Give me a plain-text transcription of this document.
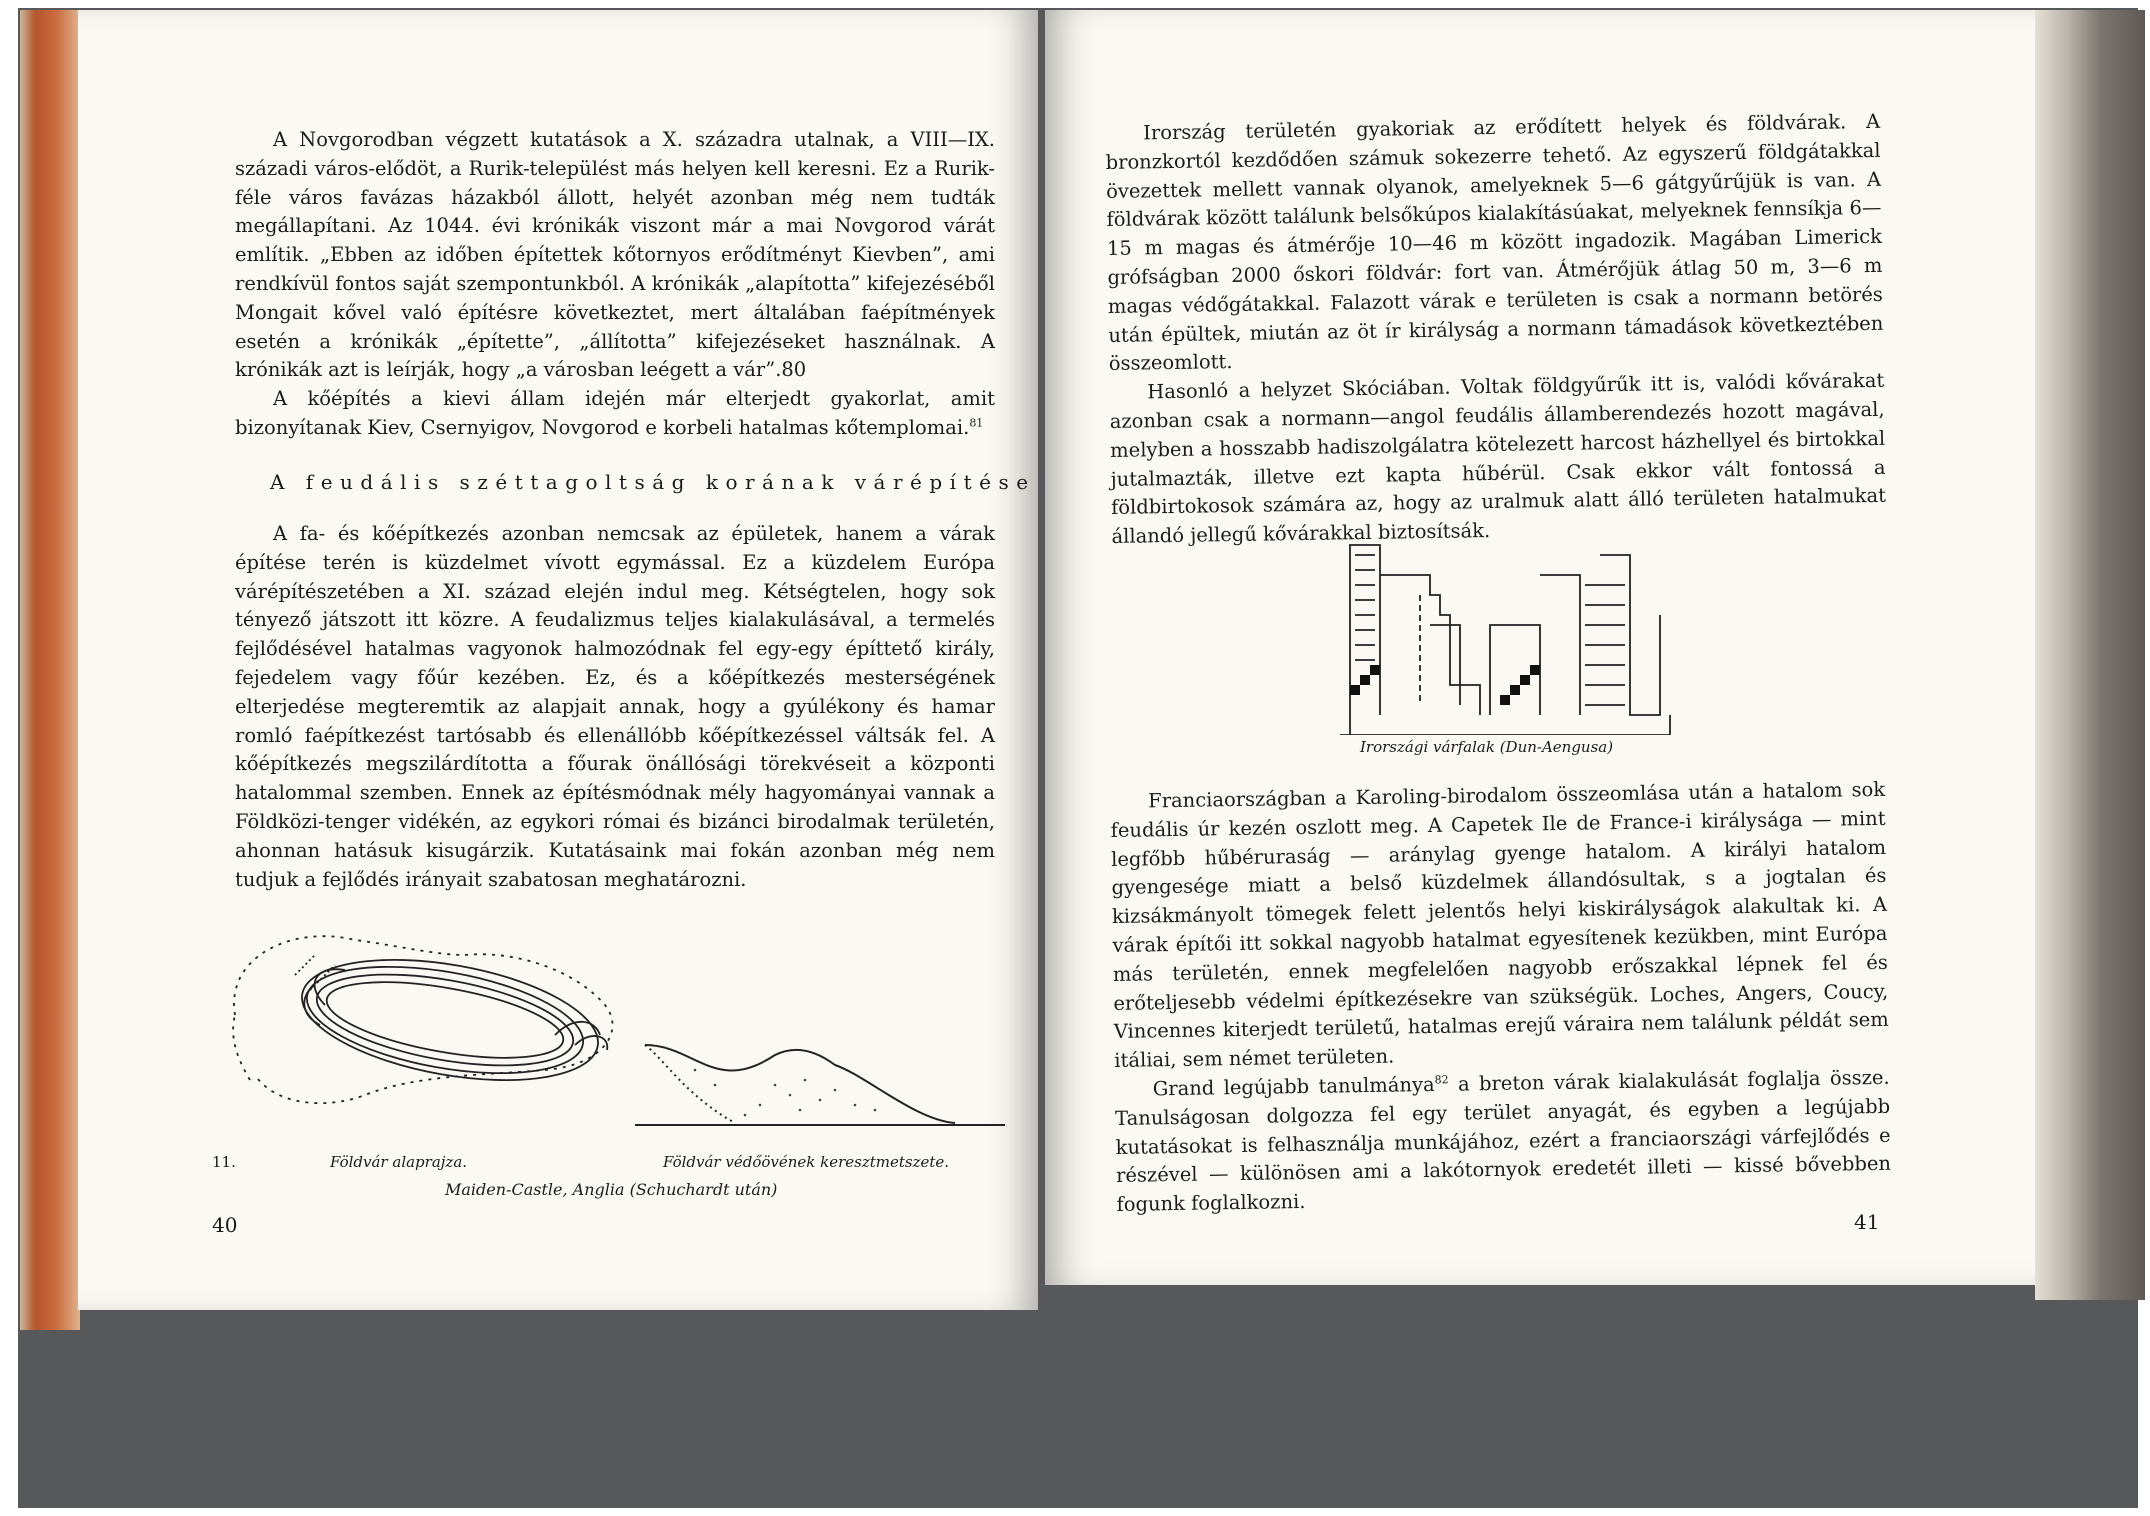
A Novgorodban végzett kutatások a X. századra utalnak, a VIII—IX. századi város-elődöt, a Rurik-települést más helyen kell keresni. Ez a Rurik-féle város favázas házakból állott, helyét azonban még nem tudták megállapítani. Az 1044. évi krónikák viszont már a mai Novgorod várát említik. „Ebben az időben építettek kőtornyos erődítményt Kievben”, ami rendkívül fontos saját szempontunkból. A krónikák „alapította” kifejezéséből Mongait kővel való építésre következtet, mert általában faépítmények esetén a krónikák „építette”, „állította” kifejezéseket használnak. A krónikák azt is leírják, hogy „a városban leégett a vár”.80

A kőépítés a kievi állam idején már elterjedt gyakorlat, amit bizonyítanak Kiev, Csernyigov, Novgorod e korbeli hatalmas kőtemplomai.$^{81}$

A feudális széttagoltság korának várépítése

A fa- és kőépítkezés azonban nemcsak az épületek, hanem a várak építése terén is küzdelmet vívott egymással. Ez a küzdelem Európa várépítészetében a XI. század elején indul meg. Kétségtelen, hogy sok tényező játszott itt közre. A feudalizmus teljes kialakulásával, a termelés fejlődésével hatalmas vagyonok halmozódnak fel egy-egy építtető király, fejedelem vagy főúr kezében. Ez, és a kőépítkezés mesterségének elterjedése megteremtik az alapjait annak, hogy a gyúlékony és hamar romló faépítkezést tartósabb és ellenállóbb kőépítkezéssel váltsák fel. A kőépítkezés megszilárdította a főurak önállósági törekvéseit a központi hatalommal szemben. Ennek az építésmódnak mély hagyományai vannak a Földközi-tenger vidékén, az egykori római és bizánci birodalmak területén, ahonnan hatásuk kisugárzik. Kutatásaink mai fokán azonban még nem tudjuk a fejlődés irányait szabatosan meghatározni.

11.	Földvár alaprajza.	Földvár védőövének keresztmetszete.
Maiden-Castle, Anglia (Schuchardt után)
40

Irország területén gyakoriak az erődített helyek és földvárak. A bronzkortól kezdődően számuk sokezerre tehető. Az egyszerű földgátakkal övezettek mellett vannak olyanok, amelyeknek 5—6 gátgyűrűjük is van. A földvárak között találunk belsőkúpos kialakításúakat, melyeknek fennsíkja 6—15 m magas és átmérője 10—46 m között ingadozik. Magában Limerick grófságban 2000 őskori földvár: fort van. Átmérőjük átlag 50 m, 3—6 m magas védőgátakkal. Falazott várak e területen is csak a normann betörés után épültek, miután az öt ír királyság a normann támadások következtében összeomlott.

Hasonló a helyzet Skóciában. Voltak földgyűrűk itt is, valódi kővárakat azonban csak a normann—angol feudális államberendezés hozott magával, melyben a hosszabb hadiszolgálatra kötelezett harcost házhellyel és birtokkal jutalmazták, illetve ezt kapta hűbérül. Csak ekkor vált fontossá a földbirtokosok számára az, hogy az uralmuk alatt álló területen hatalmukat állandó jellegű kővárakkal biztosítsák.

Irországi várfalak (Dun-Aengusa)

Franciaországban a Karoling-birodalom összeomlása után a hatalom sok feudális úr kezén oszlott meg. A Capetek Ile de France-i királysága — mint legfőbb hűbéruraság — aránylag gyenge hatalom. A királyi hatalom gyengesége miatt a belső küzdelmek állandósultak, s a jogtalan és kizsákmányolt tömegek felett jelentős helyi kiskirályságok alakultak ki. A várak építői itt sokkal nagyobb hatalmat egyesítenek kezükben, mint Európa más területén, ennek megfelelően nagyobb erőszakkal lépnek fel és erőteljesebb védelmi építkezésekre van szükségük. Loches, Angers, Coucy, Vincennes kiterjedt területű, hatalmas erejű váraira nem találunk példát sem itáliai, sem német területen.

Grand legújabb tanulmánya$^{82}$ a breton várak kialakulását foglalja össze. Tanulságosan dolgozza fel egy terület anyagát, és egyben a legújabb kutatásokat is felhasználja munkájához, ezért a franciaországi várfejlődés e részével — különösen ami a lakótornyok eredetét illeti — kissé bővebben fogunk foglalkozni.

41
